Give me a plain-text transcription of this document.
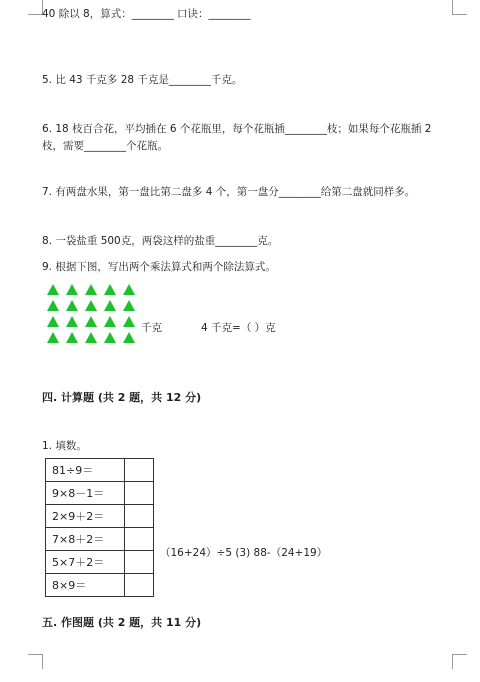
40 除以 8，算式：________ 口诀：________
5. 比 43 千克多 28 千克是________千克。
6. 18 枝百合花，平均插在 6 个花瓶里，每个花瓶插________枝；如果每个花瓶插 2
枝，需要________个花瓶。
7. 有两盘水果，第一盘比第二盘多 4 个，第一盘分________给第二盘就同样多。
8. 一袋盐重 500克，两袋这样的盐重________克。
9. 根据下图，写出两个乘法算式和两个除法算式。
千克	4 千克=（ ）克
四. 计算题 (共 2 题，共 12 分)
1. 填数。
81÷9＝	
9×8－1＝	
2×9＋2＝	
7×8＋2＝	
5×7＋2＝	
8×9＝	
（16+24）÷5 (3) 88-（24+19）
五. 作图题 (共 2 题，共 11 分)
